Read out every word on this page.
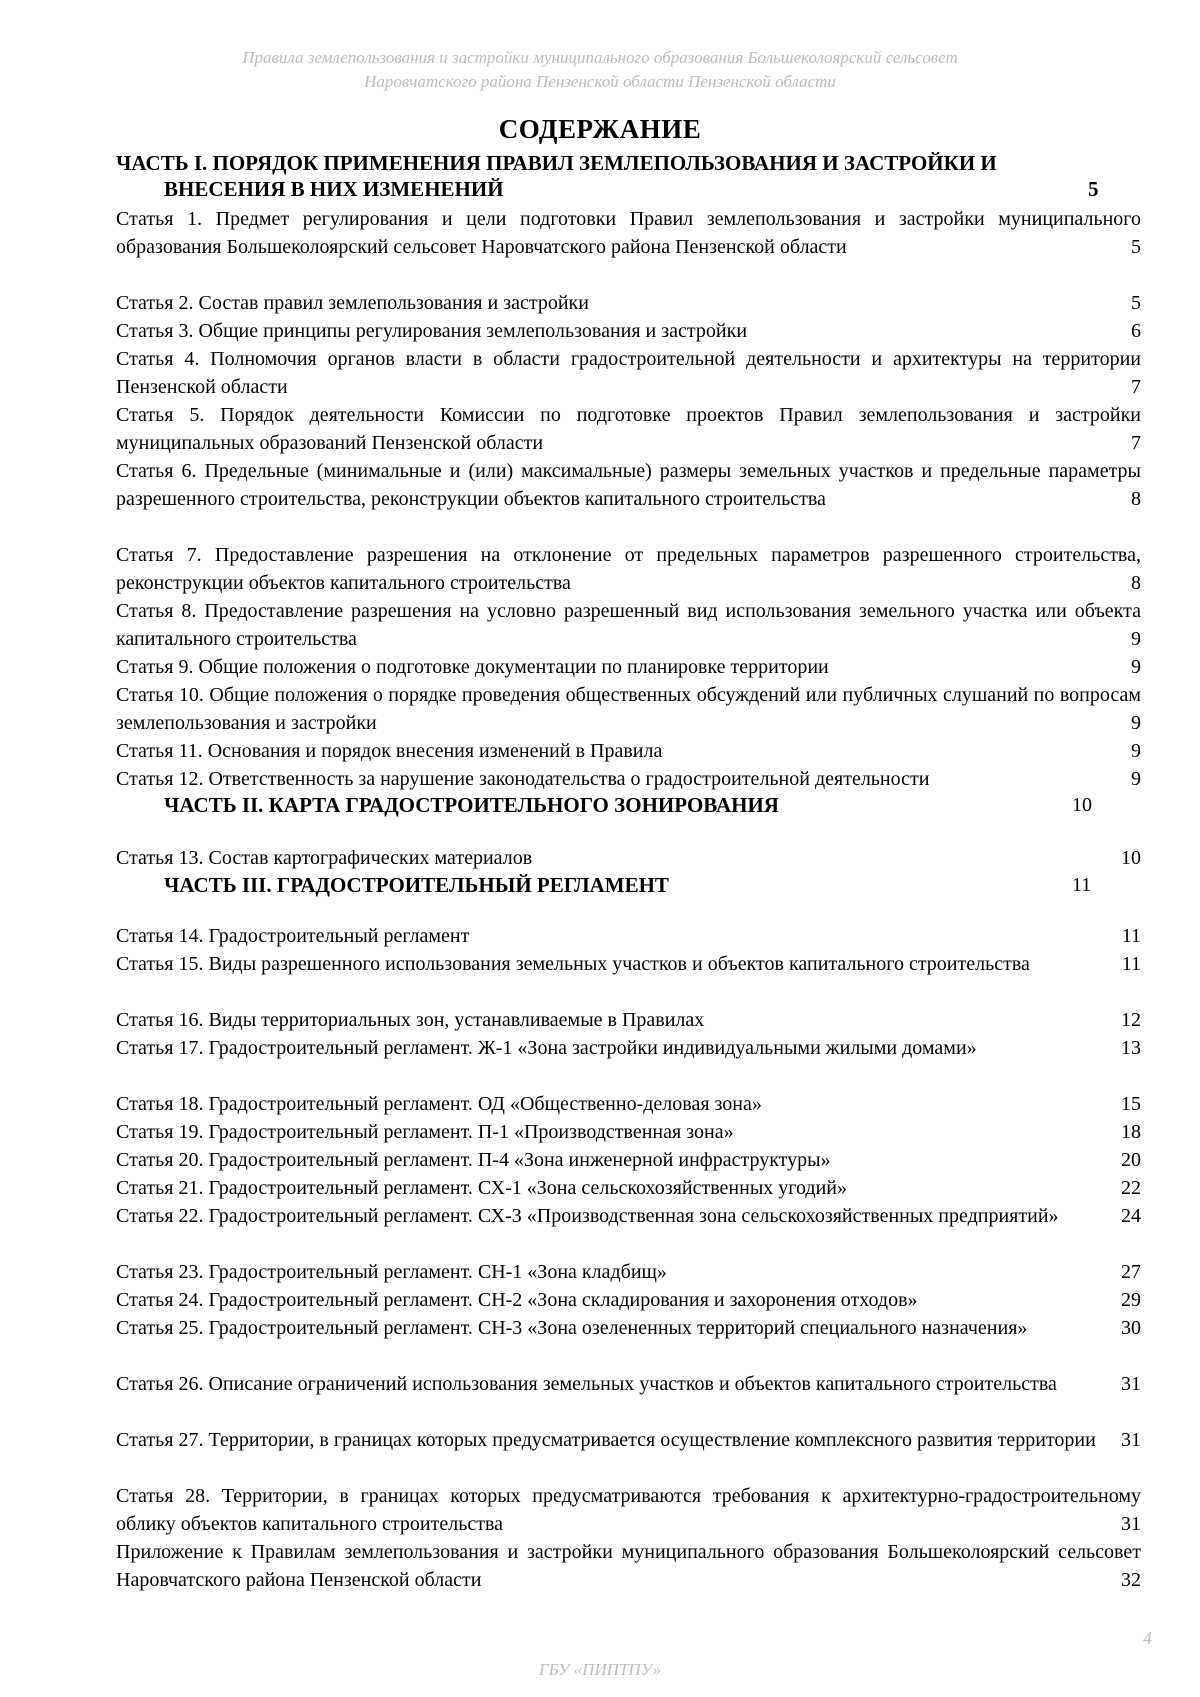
Правила землепользования и застройки муниципального образования Большеколоярский сельсовет
Наровчатского района Пензенской области Пензенской области
СОДЕРЖАНИЕ
ЧАСТЬ I. ПОРЯДОК ПРИМЕНЕНИЯ ПРАВИЛ ЗЕМЛЕПОЛЬЗОВАНИЯ И ЗАСТРОЙКИ И
ВНЕСЕНИЯ В НИХ ИЗМЕНЕНИЙ	5
Статья 1. Предмет регулирования и цели подготовки Правил землепользования и застройки муниципального образования Большеколоярский сельсовет Наровчатского района Пензенской области	5
Статья 2. Состав правил землепользования и застройки	5
Статья 3. Общие принципы регулирования землепользования и застройки	6
Статья 4. Полномочия органов власти в области градостроительной деятельности и архитектуры на территории Пензенской области	7
Статья 5. Порядок деятельности Комиссии по подготовке проектов Правил землепользования и застройки муниципальных образований Пензенской области	7
Статья 6. Предельные (минимальные и (или) максимальные) размеры земельных участков и предельные параметры разрешенного строительства, реконструкции объектов капитального строительства	8
Статья 7. Предоставление разрешения на отклонение от предельных параметров разрешенного строительства, реконструкции объектов капитального строительства	8
Статья 8. Предоставление разрешения на условно разрешенный вид использования земельного участка или объекта капитального строительства	9
Статья 9. Общие положения о подготовке документации по планировке территории	9
Статья 10. Общие положения о порядке проведения общественных обсуждений или публичных слушаний по вопросам землепользования и застройки	9
Статья 11. Основания и порядок внесения изменений в Правила	9
Статья 12. Ответственность за нарушение законодательства о градостроительной деятельности	9
ЧАСТЬ II. КАРТА ГРАДОСТРОИТЕЛЬНОГО ЗОНИРОВАНИЯ	10
Статья 13. Состав картографических материалов	10
ЧАСТЬ III. ГРАДОСТРОИТЕЛЬНЫЙ РЕГЛАМЕНТ	11
Статья 14. Градостроительный регламент	11
Статья 15. Виды разрешенного использования земельных участков и объектов капитального строительства	11
Статья 16. Виды территориальных зон, устанавливаемые в Правилах	12
Статья 17. Градостроительный регламент. Ж-1 «Зона застройки индивидуальными жилыми домами»	13
Статья 18. Градостроительный регламент. ОД «Общественно-деловая зона»	15
Статья 19. Градостроительный регламент. П-1 «Производственная зона»	18
Статья 20. Градостроительный регламент. П-4 «Зона инженерной инфраструктуры»	20
Статья 21. Градостроительный регламент. СХ-1 «Зона сельскохозяйственных угодий»	22
Статья 22. Градостроительный регламент. СХ-3 «Производственная зона сельскохозяйственных предприятий»	24
Статья 23. Градостроительный регламент. СН-1 «Зона кладбищ»	27
Статья 24. Градостроительный регламент. СН-2 «Зона складирования и захоронения отходов»	29
Статья 25. Градостроительный регламент. СН-3 «Зона озелененных территорий специального назначения»	30
Статья 26. Описание ограничений использования земельных участков и объектов капитального строительства	31
Статья 27. Территории, в границах которых предусматривается осуществление комплексного развития территории	31
Статья 28. Территории, в границах которых предусматриваются требования к архитектурно-градостроительному облику объектов капитального строительства	31
Приложение к Правилам землепользования и застройки муниципального образования Большеколоярский сельсовет Наровчатского района Пензенской области	32
4
ГБУ «ПИПТПУ»
